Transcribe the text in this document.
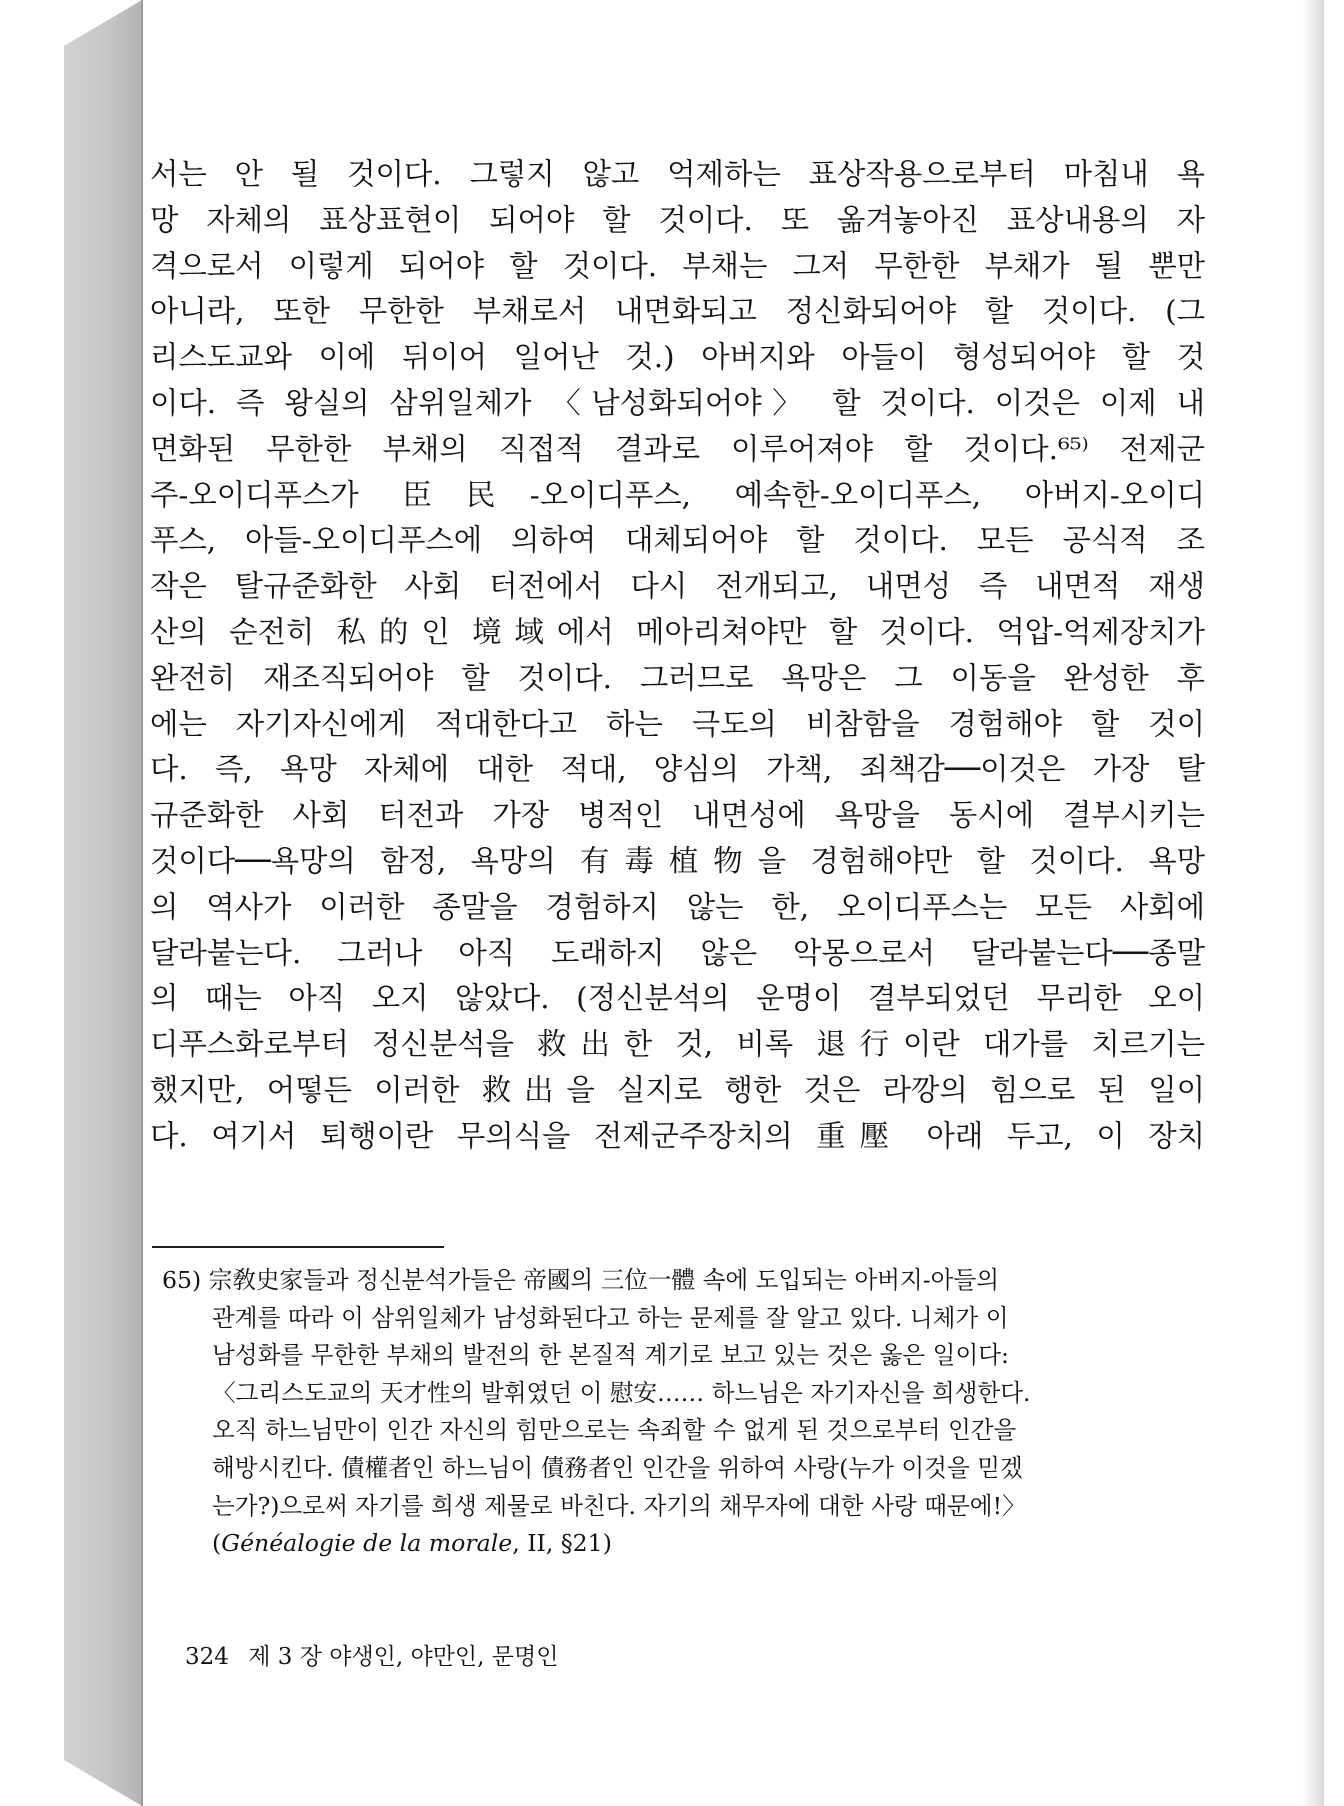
서는 안 될 것이다. 그렇지 않고 억제하는 표상작용으로부터 마침내 욕
망 자체의 표상표현이 되어야 할 것이다. 또 옮겨놓아진 표상내용의 자
격으로서 이렇게 되어야 할 것이다. 부채는 그저 무한한 부채가 될 뿐만
아니라, 또한 무한한 부채로서 내면화되고 정신화되어야 할 것이다. (그
리스도교와 이에 뒤이어 일어난 것.) 아버지와 아들이 형성되어야 할 것
이다. 즉 왕실의 삼위일체가 〈남성화되어야〉 할 것이다. 이것은 이제 내
면화된 무한한 부채의 직접적 결과로 이루어져야 할 것이다.⁶⁵⁾ 전제군
주-오이디푸스가 臣民-오이디푸스, 예속한-오이디푸스, 아버지-오이디
푸스, 아들-오이디푸스에 의하여 대체되어야 할 것이다. 모든 공식적 조
작은 탈규준화한 사회 터전에서 다시 전개되고, 내면성 즉 내면적 재생
산의 순전히 私的인 境域에서 메아리쳐야만 할 것이다. 억압-억제장치가
완전히 재조직되어야 할 것이다. 그러므로 욕망은 그 이동을 완성한 후
에는 자기자신에게 적대한다고 하는 극도의 비참함을 경험해야 할 것이
다. 즉, 욕망 자체에 대한 적대, 양심의 가책, 죄책감──이것은 가장 탈
규준화한 사회 터전과 가장 병적인 내면성에 욕망을 동시에 결부시키는
것이다──욕망의 함정, 욕망의 有毒植物을 경험해야만 할 것이다. 욕망
의 역사가 이러한 종말을 경험하지 않는 한, 오이디푸스는 모든 사회에
달라붙는다. 그러나 아직 도래하지 않은 악몽으로서 달라붙는다──종말
의 때는 아직 오지 않았다. (정신분석의 운명이 결부되었던 무리한 오이
디푸스화로부터 정신분석을 救出한 것, 비록 退行이란 대가를 치르기는
했지만, 어떻든 이러한 救出을 실지로 행한 것은 라깡의 힘으로 된 일이
다. 여기서 퇴행이란 무의식을 전제군주장치의 重壓 아래 두고, 이 장치
65) 宗敎史家들과 정신분석가들은 帝國의 三位一體 속에 도입되는 아버지-아들의
관계를 따라 이 삼위일체가 남성화된다고 하는 문제를 잘 알고 있다. 니체가 이
남성화를 무한한 부채의 발전의 한 본질적 계기로 보고 있는 것은 옳은 일이다:
〈그리스도교의 天才性의 발휘였던 이 慰安…… 하느님은 자기자신을 희생한다.
오직 하느님만이 인간 자신의 힘만으로는 속죄할 수 없게 된 것으로부터 인간을
해방시킨다. 債權者인 하느님이 債務者인 인간을 위하여 사랑(누가 이것을 믿겠
는가?)으로써 자기를 희생 제물로 바친다. 자기의 채무자에 대한 사랑 때문에!〉
(Généalogie de la morale, II, §21)
324 제 3 장 야생인, 야만인, 문명인
